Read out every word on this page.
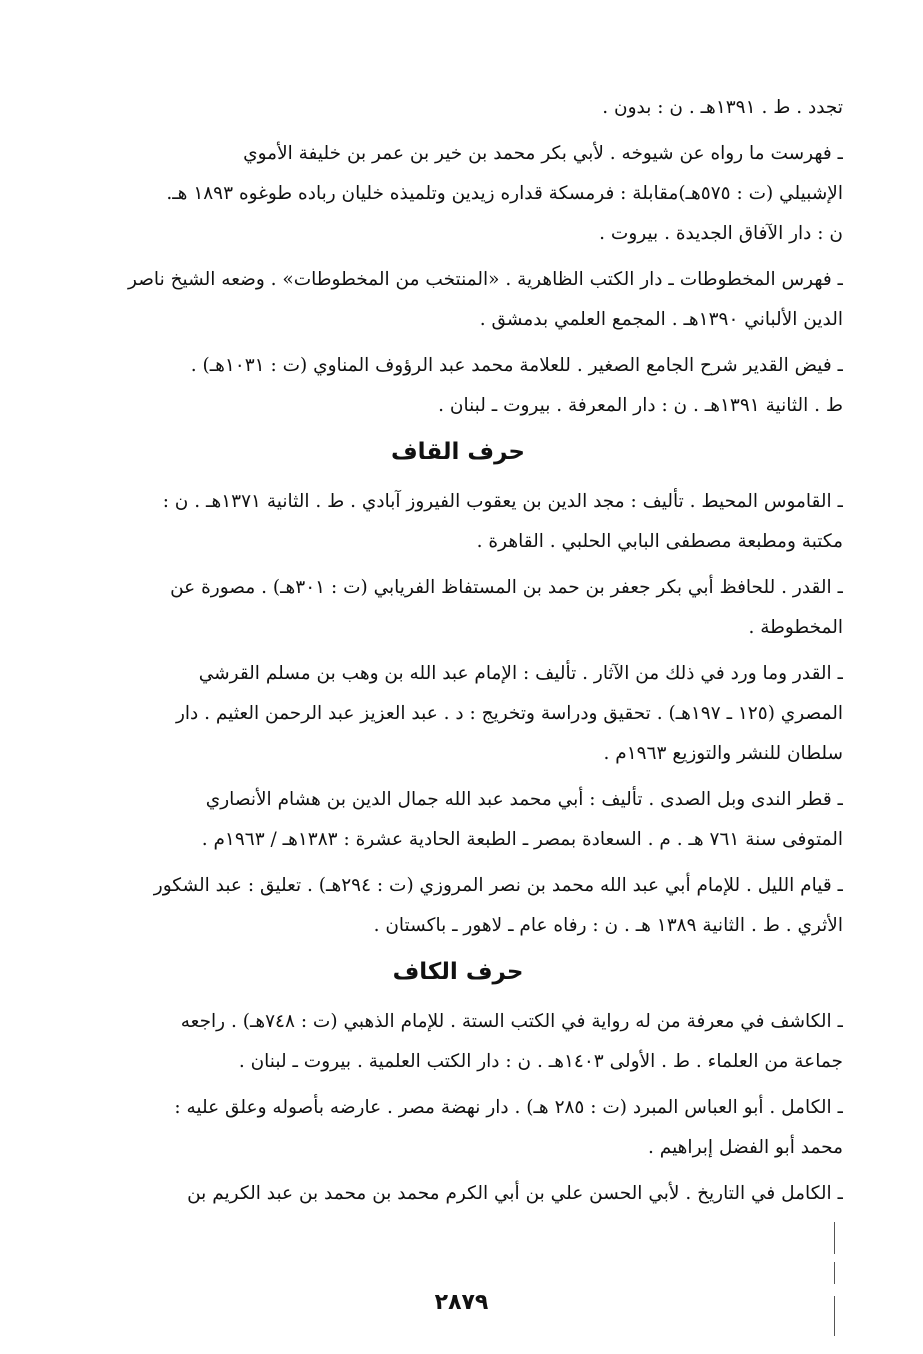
تجدد . ط . ١٣٩١هـ . ن : بدون .
ـ فهرست ما رواه عن شيوخه . لأبي بكر محمد بن خير بن عمر بن خليفة الأموي
الإشبيلي (ت : ٥٧٥هـ)مقابلة : فرمسكة قداره زيدين وتلميذه خليان رباده طوغوه ١٨٩٣ هـ.
ن : دار الآفاق الجديدة . بيروت .
ـ فهرس المخطوطات ـ دار الكتب الظاهرية . «المنتخب من المخطوطات» . وضعه الشيخ ناصر
الدين الألباني ١٣٩٠هـ . المجمع العلمي بدمشق .
ـ فيض القدير شرح الجامع الصغير . للعلامة محمد عبد الرؤوف المناوي (ت : ١٠٣١هـ) .
ط . الثانية ١٣٩١هـ . ن : دار المعرفة . بيروت ـ لبنان .
حرف القاف
ـ القاموس المحيط . تأليف : مجد الدين بن يعقوب الفيروز آبادي . ط . الثانية ١٣٧١هـ . ن :
مكتبة ومطبعة مصطفى البابي الحلبي . القاهرة .
ـ القدر . للحافظ أبي بكر جعفر بن حمد بن المستفاظ الفريابي (ت : ٣٠١هـ) . مصورة عن
المخطوطة .
ـ القدر وما ورد في ذلك من الآثار . تأليف : الإمام عبد الله بن وهب بن مسلم القرشي
المصري (١٢٥ ـ ١٩٧هـ) . تحقيق ودراسة وتخريج : د . عبد العزيز عبد الرحمن العثيم . دار
سلطان للنشر والتوزيع ١٩٦٣م .
ـ قطر الندى وبل الصدى . تأليف : أبي محمد عبد الله جمال الدين بن هشام الأنصاري
المتوفى سنة ٧٦١ هـ . م . السعادة بمصر ـ الطبعة الحادية عشرة : ١٣٨٣هـ / ١٩٦٣م .
ـ قيام الليل . للإمام أبي عبد الله محمد بن نصر المروزي (ت : ٢٩٤هـ) . تعليق : عبد الشكور
الأثري . ط . الثانية ١٣٨٩ هـ . ن : رفاه عام ـ لاهور ـ باكستان .
حرف الكاف
ـ الكاشف في معرفة من له رواية في الكتب الستة . للإمام الذهبي (ت : ٧٤٨هـ) . راجعه
جماعة من العلماء . ط . الأولى ١٤٠٣هـ . ن : دار الكتب العلمية . بيروت ـ لبنان .
ـ الكامل . أبو العباس المبرد (ت : ٢٨٥ هـ) . دار نهضة مصر . عارضه بأصوله وعلق عليه :
محمد أبو الفضل إبراهيم .
ـ الكامل في التاريخ . لأبي الحسن علي بن أبي الكرم محمد بن محمد بن عبد الكريم بن
٢٨٧٩
